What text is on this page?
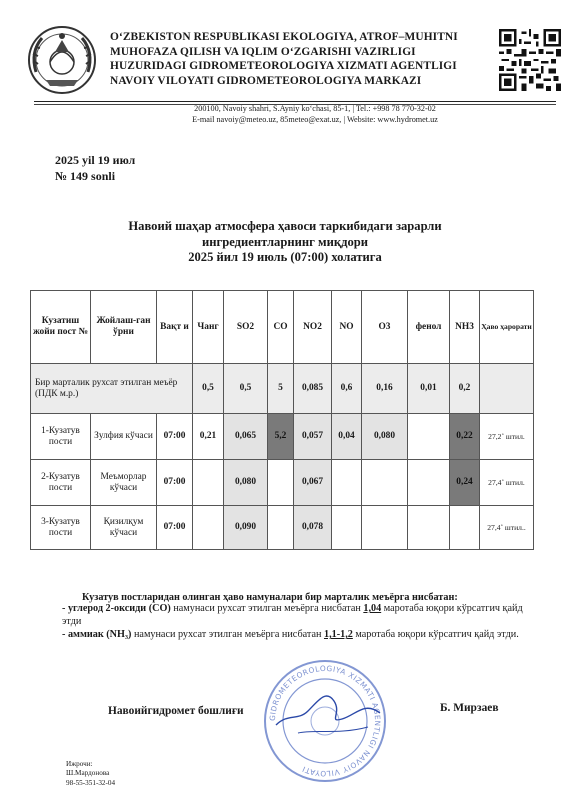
O‘ZBEKISTON RESPUBLIKASI EKOLOGIYA, ATROF–MUHITNI
MUHOFAZA QILISH VA IQLIM O‘ZGARISHI VAZIRLIGI
HUZURIDAGI GIDROMETEOROLOGIYA XIZMATI AGENTLIGI
NAVOIY VILOYATI GIDROMETEOROLOGIYA MARKAZI
200100, Navoiy shahri, S.Ayniy ko‘chasi, 85-1, | Tel.: +998 78 770-32-02
E-mail navoiy@meteo.uz, 85meteo@exat.uz, | Website: www.hydromet.uz
2025 yil 19 июл
№ 149 sonli
Навоий шаҳар атмосфера ҳавоси таркибидаги зарарли
ингредиентларнинг миқдори
2025 йил 19 июль (07:00) холатига
Кузатиш жойи пост №	Жойлаш-ган ўрни	Вақт и	Чанг	SO2	CO	NO2	NO	O3	фенол	NH3	Ҳаво ҳарорати
Бир марталик рухсат этилган меъёр (ПДК м.р.)			0,5	0,5	5	0,085	0,6	0,16	0,01	0,2	
1-Кузатув пости	Зулфия кўчаси	07:00	0,21	0,065	5,2	0,057	0,04	0,080		0,22	27,2˚ штил.
2-Кузатув пости	Меъморлар кўчаси	07:00		0,080		0,067				0,24	27,4˚ штил.
3-Кузатув пости	Қизилқум кўчаси	07:00		0,090		0,078					27,4˚ штил..
Кузатув постларидан олинган ҳаво намуналари бир марталик меъёрга нисбатан:
- углерод 2-оксиди (СО) намунаси рухсат этилган меъёрга нисбатан 1,04 маротаба юқори кўрсатгич қайд этди
- аммиак (NH₃) намунаси рухсат этилган меъёрга нисбатан 1,1-1,2 маротаба юқори кўрсатгич қайд этди.
GIDROMETEOROLOGIYA XIZMATI AGENTLIGI NAVOIY VILOYATI
Навоийгидромет бошлиғи	Б. Мирзаев
Ижрочи:
Ш.Мардонова
98-55-351-32-04
